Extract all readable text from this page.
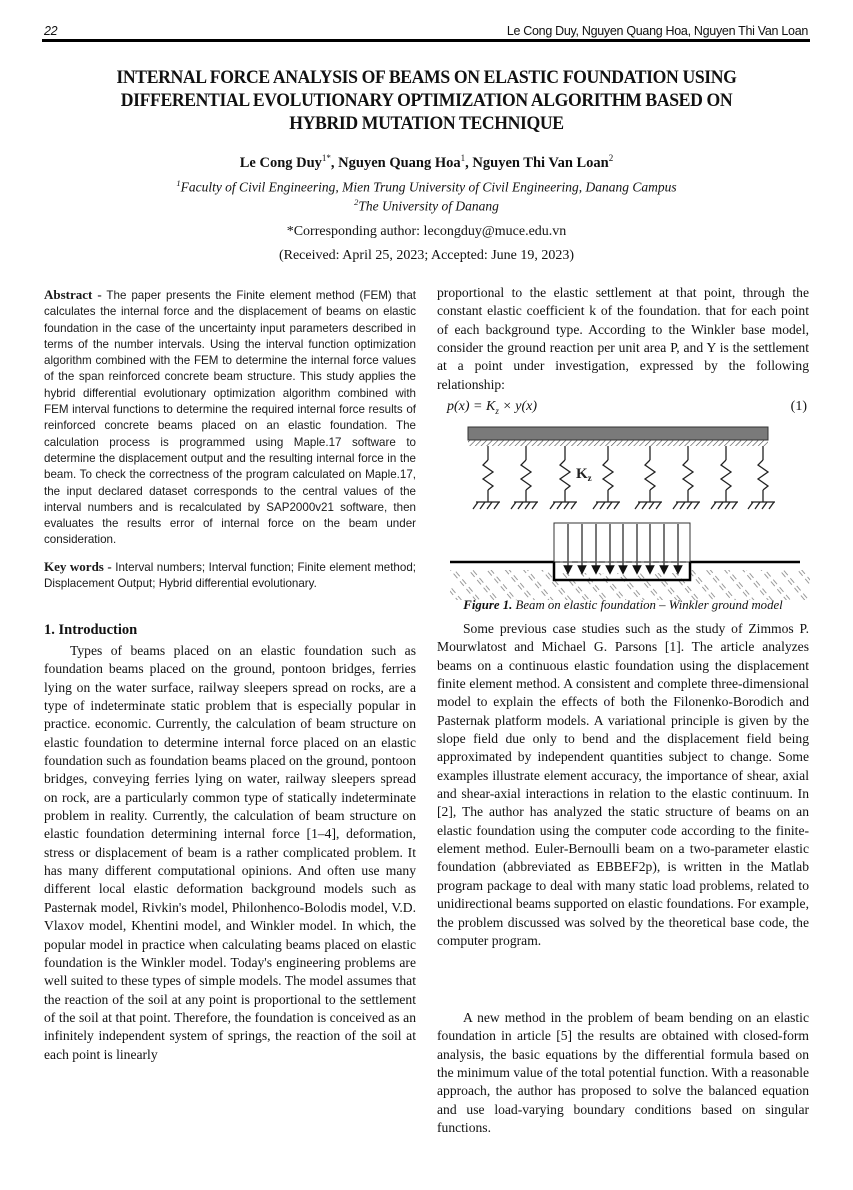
22	Le Cong Duy, Nguyen Quang Hoa, Nguyen Thi Van Loan
INTERNAL FORCE ANALYSIS OF BEAMS ON ELASTIC FOUNDATION USING
DIFFERENTIAL EVOLUTIONARY OPTIMIZATION ALGORITHM BASED ON
HYBRID MUTATION TECHNIQUE
Le Cong Duy$^{1*}$, Nguyen Quang Hoa$^1$, Nguyen Thi Van Loan$^2$
$^1$Faculty of Civil Engineering, Mien Trung University of Civil Engineering, Danang Campus
$^2$The University of Danang
*Corresponding author: lecongduy@muce.edu.vn
(Received: April 25, 2023; Accepted: June 19, 2023)

Abstract - The paper presents the Finite element method (FEM) that calculates the internal force and the displacement of beams on elastic foundation in the case of the uncertainty input parameters described in terms of the number intervals. Using the interval function optimization algorithm combined with the FEM to determine the internal force values of the span reinforced concrete beam structure. This study applies the hybrid differential evolutionary optimization algorithm combined with FEM interval functions to determine the required internal force results of reinforced concrete beams placed on an elastic foundation. The calculation process is programmed using Maple.17 software to determine the displacement output and the resulting internal force in the beam. To check the correctness of the program calculated on Maple.17, the input declared dataset corresponds to the central values of the interval numbers and is recalculated by SAP2000v21 software, then evaluates the results error of internal force on the beam under consideration.

Key words - Interval numbers; Interval function; Finite element method; Displacement Output; Hybrid differential evolutionary.

1. Introduction

Types of beams placed on an elastic foundation such as foundation beams placed on the ground, pontoon bridges, ferries lying on the water surface, railway sleepers spread on rocks, are a type of indeterminate static problem that is especially popular in practice. economic. Currently, the calculation of beam structure on elastic foundation to determine internal force placed on an elastic foundation such as foundation beams placed on the ground, pontoon bridges, conveying ferries lying on water, railway sleepers spread on rock, are a particularly common type of statically indeterminate problem in reality. Currently, the calculation of beam structure on elastic foundation determining internal force [1–4], deformation, stress or displacement of beam is a rather complicated problem. It has many different computational opinions. And often use many different local elastic deformation background models such as Pasternak model, Rivkin's model, Philonhenco-Bolodis model, V.D. Vlaxov model, Khentini model, and Winkler model. In which, the popular model in practice when calculating beams placed on elastic foundation is the Winkler model. Today's engineering problems are well suited to these types of simple models. The model assumes that the reaction of the soil at any point is proportional to the settlement of the soil at that point. Therefore, the foundation is conceived as an infinitely independent system of springs, the reaction of the soil at each point is linearly

proportional to the elastic settlement at that point, through the constant elastic coefficient k of the foundation. that for each point of each background type. According to the Winkler base model, consider the ground reaction per unit area P, and Y is the settlement at a point under investigation, expressed by the following relationship:

$p(x) = K_z \times y(x)$	(1)
$K_z$
Figure 1. Beam on elastic foundation – Winkler ground model

Some previous case studies such as the study of Zimmos P. Mourwlatost and Michael G. Parsons [1]. The article analyzes beams on a continuous elastic foundation using the displacement finite element method. A consistent and complete three-dimensional model to explain the effects of both the Filonenko-Borodich and Pasternak platform models. A variational principle is given by the slope field due only to bend and the displacement field being approximated by independent quantities subject to change. Some examples illustrate element accuracy, the importance of shear, axial and shear-axial interactions in relation to the elastic continuum. In [2], The author has analyzed the static structure of beams on an elastic foundation using the computer code according to the finite-element method. Euler-Bernoulli beam on a two-parameter elastic foundation (abbreviated as EBBEF2p), is written in the Matlab program package to deal with many static load problems, related to unidirectional beams supported on elastic foundations. For example, the problem discussed was solved by the theoretical base code, the computer program.

A new method in the problem of beam bending on an elastic foundation in article [5] the results are obtained with closed-form analysis, the basic equations by the differential formula based on the minimum value of the total potential function. With a reasonable approach, the author has proposed to solve the balanced equation and use load-varying boundary conditions based on singular functions.
